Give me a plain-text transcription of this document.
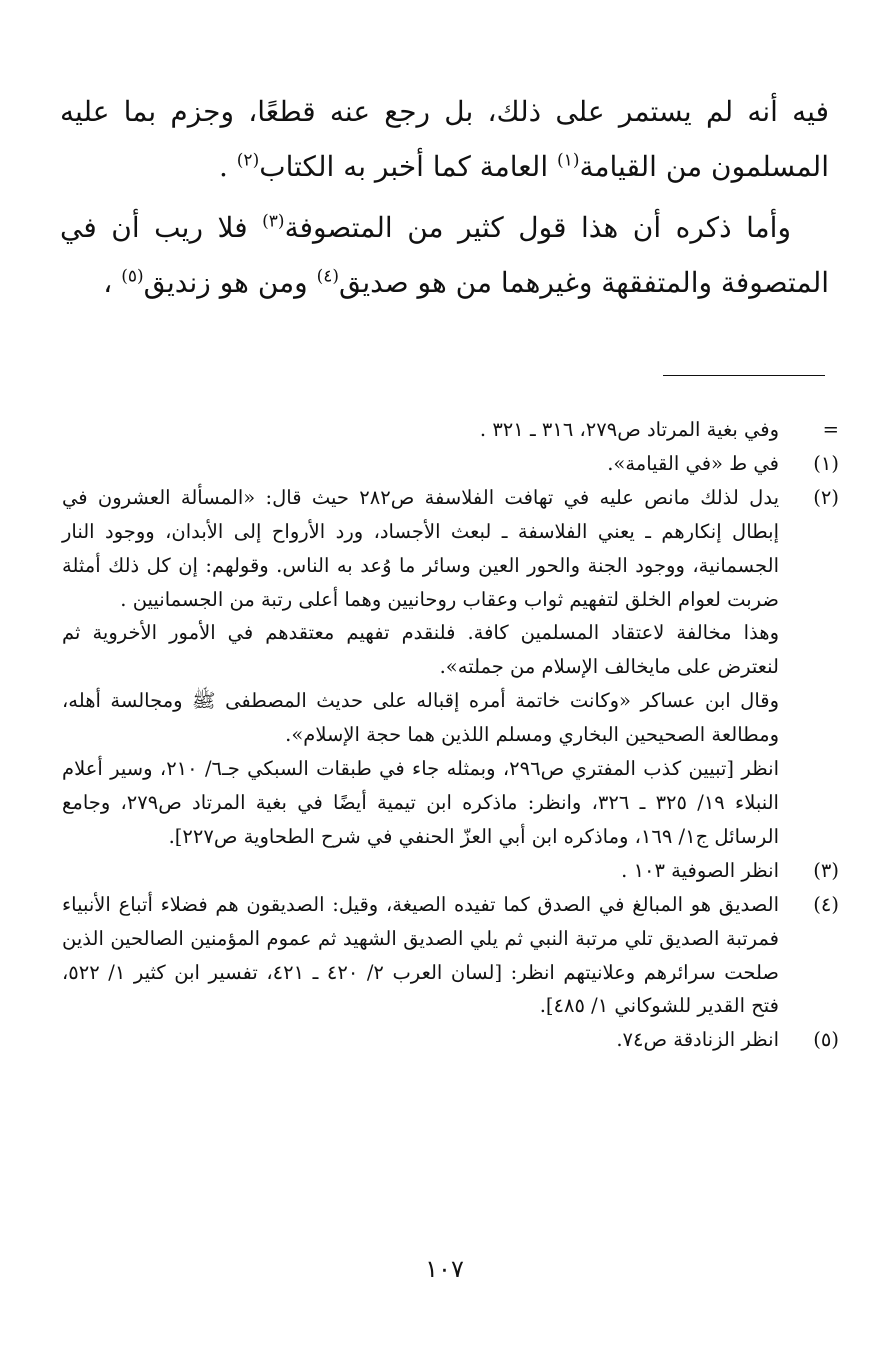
فيه أنه لم يستمر على ذلك، بل رجع عنه قطعًا، وجزم بما عليه المسلمون من القيامة$^{(١)}$ العامة كما أخبر به الكتاب$^{(٢)}$ .

وأما ذكره أن هذا قول كثير من المتصوفة$^{(٣)}$ فلا ريب أن في المتصوفة والمتفقهة وغيرهما من هو صديق$^{(٤)}$ ومن هو زنديق$^{(٥)}$ ،

=

وفي بغية المرتاد ص٢٧٩، ٣١٦ ـ ٣٢١ .

(١)

في ط «في القيامة».

(٢)

يدل لذلك مانص عليه في تهافت الفلاسفة ص٢٨٢ حيث قال: «المسألة العشرون في إبطال إنكارهم ـ يعني الفلاسفة ـ لبعث الأجساد، ورد الأرواح إلى الأبدان، ووجود النار الجسمانية، ووجود الجنة والحور العين وسائر ما وُعد به الناس. وقولهم: إن كل ذلك أمثلة ضربت لعوام الخلق لتفهيم ثواب وعقاب روحانيين وهما أعلى رتبة من الجسمانيين .

وهذا مخالفة لاعتقاد المسلمين كافة. فلنقدم تفهيم معتقدهم في الأمور الأخروية ثم لنعترض على مايخالف الإسلام من جملته».

وقال ابن عساكر «وكانت خاتمة أمره إقباله على حديث المصطفى ﷺ ومجالسة أهله، ومطالعة الصحيحين البخاري ومسلم اللذين هما حجة الإسلام».

انظر [تبيين كذب المفتري ص٢٩٦، وبمثله جاء في طبقات السبكي جـ٦/ ٢١٠، وسير أعلام النبلاء ١٩/ ٣٢٥ ـ ٣٢٦، وانظر: ماذكره ابن تيمية أيضًا في بغية المرتاد ص٢٧٩، وجامع الرسائل ج١/ ١٦٩، وماذكره ابن أبي العزّ الحنفي في شرح الطحاوية ص٢٢٧].

(٣)

انظر الصوفية ١٠٣ .

(٤)

الصديق هو المبالغ في الصدق كما تفيده الصيغة، وقيل: الصديقون هم فضلاء أتباع الأنبياء فمرتبة الصديق تلي مرتبة النبي ثم يلي الصديق الشهيد ثم عموم المؤمنين الصالحين الذين صلحت سرائرهم وعلانيتهم انظر: [لسان العرب ٢/ ٤٢٠ ـ ٤٢١، تفسير ابن كثير ١/ ٥٢٢، فتح القدير للشوكاني ١/ ٤٨٥].

(٥)

انظر الزنادقة ص٧٤.

١٠٧
